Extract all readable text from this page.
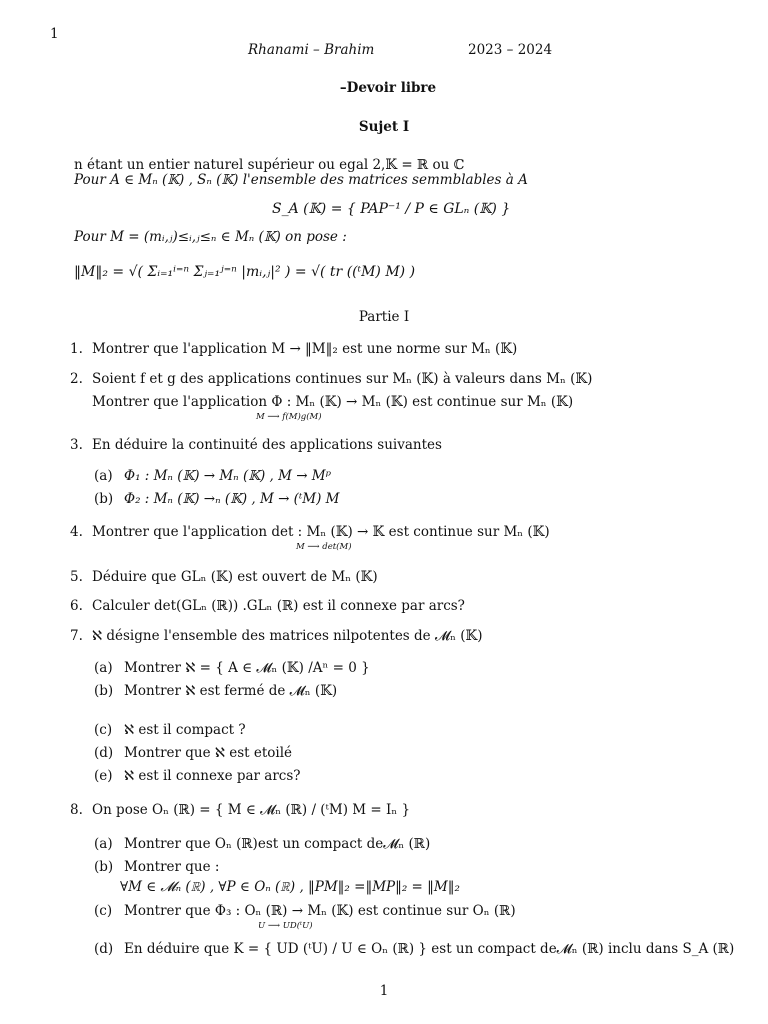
1
Rhanami – Brahim	2023 – 2024
–Devoir libre
Sujet I
n étant un entier naturel supérieur ou egal 2,𝕂 = ℝ ou ℂ
Pour A ∈ Mₙ (𝕂) , Sₙ (𝕂) l'ensemble des matrices semmblables à A
S_A (𝕂) = { PAP⁻¹ / P ∈ GLₙ (𝕂) }
Pour M = (mᵢ,ⱼ)≤ᵢ,ⱼ≤ₙ ∈ Mₙ (𝕂) on pose :
‖M‖₂ = √( Σᵢ₌₁ⁱ⁼ⁿ Σⱼ₌₁ʲ⁼ⁿ |mᵢ,ⱼ|² ) = √( tr ((ᵗM) M) )
Partie I
1. Montrer que l'application M → ‖M‖₂ est une norme sur Mₙ (𝕂)
2. Soient f et g des applications continues sur Mₙ (𝕂) à valeurs dans Mₙ (𝕂)
Montrer que l'application Φ : Mₙ (𝕂) → Mₙ (𝕂) est continue sur Mₙ (𝕂)
M ⟶ f(M)g(M)
3. En déduire la continuité des applications suivantes
(a) Φ₁ : Mₙ (𝕂) → Mₙ (𝕂) , M → Mᵖ
(b) Φ₂ : Mₙ (𝕂) →ₙ (𝕂) , M → (ᵗM) M
4. Montrer que l'application det : Mₙ (𝕂) → 𝕂 est continue sur Mₙ (𝕂)
M ⟶ det(M)
5. Déduire que GLₙ (𝕂) est ouvert de Mₙ (𝕂)
6. Calculer det(GLₙ (ℝ)) .GLₙ (ℝ) est il connexe par arcs?
7. ℵ désigne l'ensemble des matrices nilpotentes de 𝓜ₙ (𝕂)
(a) Montrer ℵ = { A ∈ 𝓜ₙ (𝕂) /Aⁿ = 0 }
(b) Montrer ℵ est fermé de 𝓜ₙ (𝕂)
(c) ℵ est il compact ?
(d) Montrer que ℵ est etoilé
(e) ℵ est il connexe par arcs?
8. On pose Oₙ (ℝ) = { M ∈ 𝓜ₙ (ℝ) / (ᵗM) M = Iₙ }
(a) Montrer que Oₙ (ℝ)est un compact de𝓜ₙ (ℝ)
(b) Montrer que :
∀M ∈ 𝓜ₙ (ℝ) , ∀P ∈ Oₙ (ℝ) , ‖PM‖₂ =‖MP‖₂ = ‖M‖₂
(c) Montrer que Φ₃ : Oₙ (ℝ) → Mₙ (𝕂) est continue sur Oₙ (ℝ)
U ⟶ UD(ᵗU)
(d) En déduire que K = { UD (ᵗU) / U ∈ Oₙ (ℝ) } est un compact de𝓜ₙ (ℝ) inclu dans S_A (ℝ)
1
